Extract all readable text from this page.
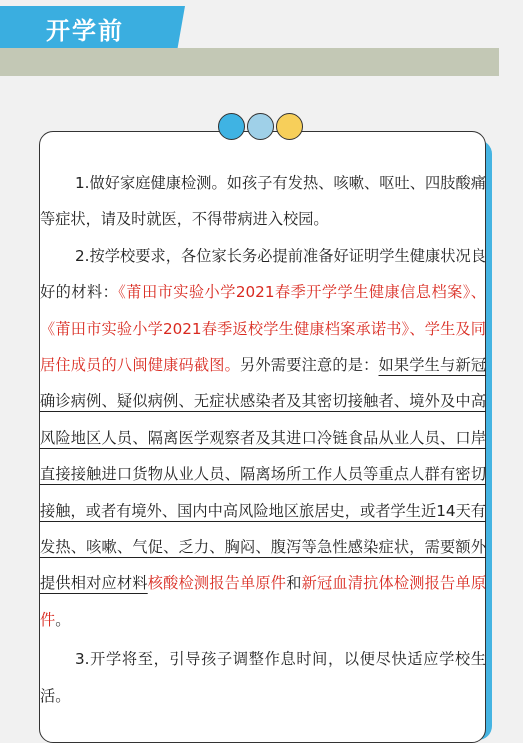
开学前

1.做好家庭健康检测。如孩子有发热、咳嗽、呕吐、四肢酸痛等症状，请及时就医，不得带病进入校园。

2.按学校要求，各位家长务必提前准备好证明学生健康状况良好的材料：《莆田市实验小学2021春季开学学生健康信息档案》、《莆田市实验小学2021春季返校学生健康档案承诺书》、学生及同居住成员的八闽健康码截图。另外需要注意的是：如果学生与新冠确诊病例、疑似病例、无症状感染者及其密切接触者、境外及中高风险地区人员、隔离医学观察者及其进口冷链食品从业人员、口岸直接接触进口货物从业人员、隔离场所工作人员等重点人群有密切接触，或者有境外、国内中高风险地区旅居史，或者学生近14天有发热、咳嗽、气促、乏力、胸闷、腹泻等急性感染症状，需要额外提供相对应材料核酸检测报告单原件和新冠血清抗体检测报告单原件。

3.开学将至，引导孩子调整作息时间，以便尽快适应学校生活。
